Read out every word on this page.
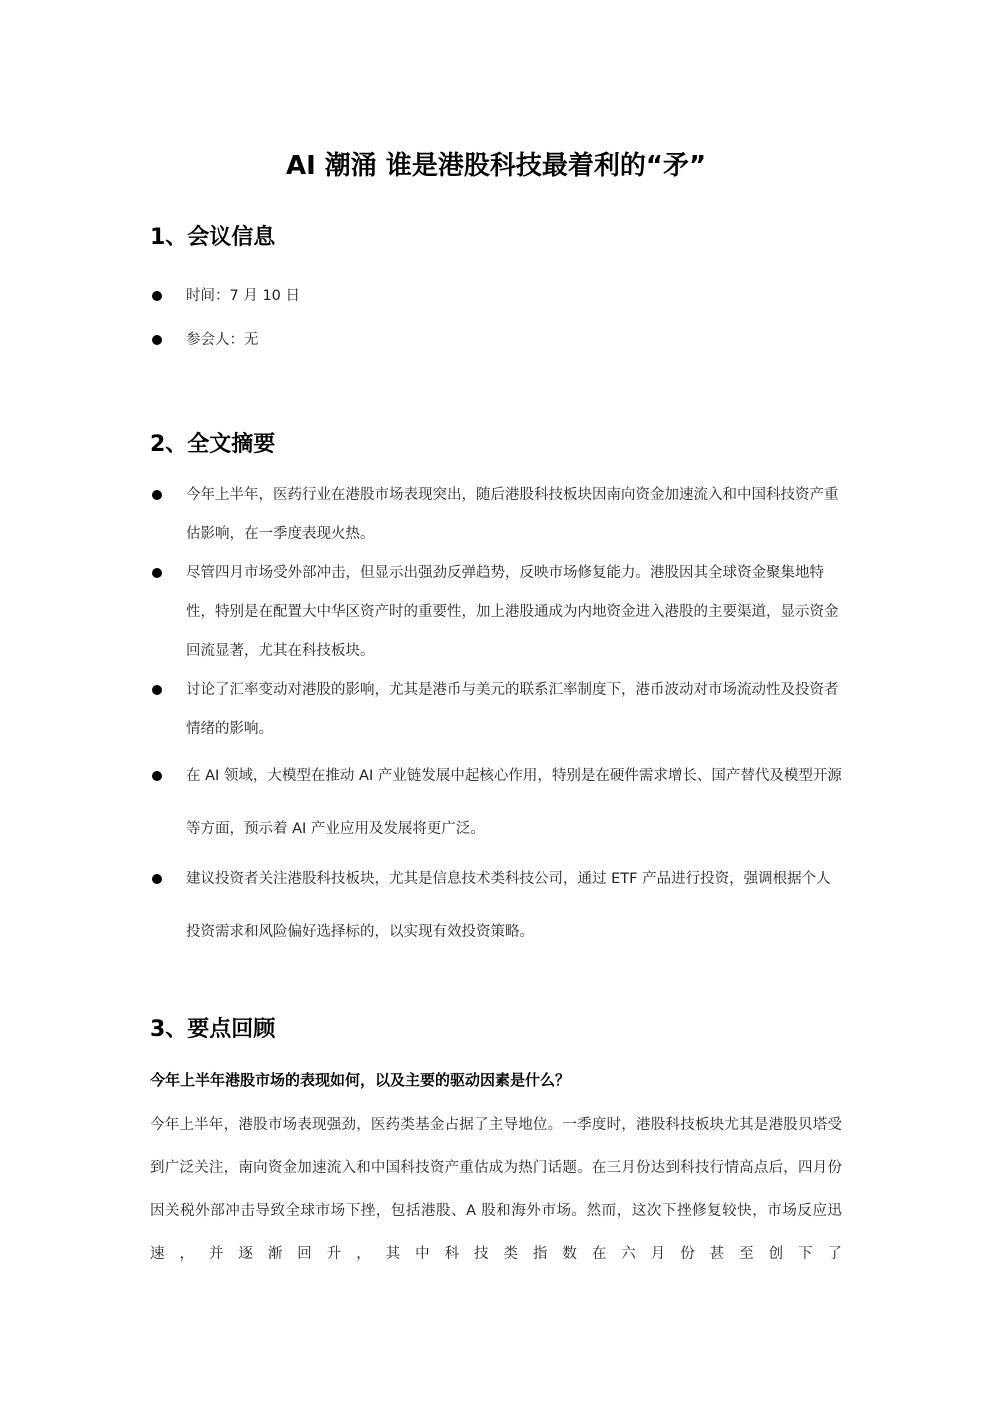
AI 潮涌 谁是港股科技最着利的“矛”
1、会议信息
时间：7 月 10 日
参会人：无
2、全文摘要
今年上半年，医药行业在港股市场表现突出，随后港股科技板块因南向资金加速流入和中国科技资产重估影响，在一季度表现火热。
尽管四月市场受外部冲击，但显示出强劲反弹趋势，反映市场修复能力。港股因其全球资金聚集地特性，特别是在配置大中华区资产时的重要性，加上港股通成为内地资金进入港股的主要渠道，显示资金回流显著，尤其在科技板块。
讨论了汇率变动对港股的影响，尤其是港币与美元的联系汇率制度下，港币波动对市场流动性及投资者情绪的影响。
在 AI 领域，大模型在推动 AI 产业链发展中起核心作用，特别是在硬件需求增长、国产替代及模型开源等方面，预示着 AI 产业应用及发展将更广泛。
建议投资者关注港股科技板块，尤其是信息技术类科技公司，通过 ETF 产品进行投资，强调根据个人投资需求和风险偏好选择标的，以实现有效投资策略。
3、要点回顾

今年上半年港股市场的表现如何，以及主要的驱动因素是什么？

今年上半年，港股市场表现强劲，医药类基金占据了主导地位。一季度时，港股科技板块尤其是港股贝塔受到广泛关注，南向资金加速流入和中国科技资产重估成为热门话题。在三月份达到科技行情高点后，四月份因关税外部冲击导致全球市场下挫，包括港股、A 股和海外市场。然而，这次下挫修复较快，市场反应迅速，并逐渐回升，其中科技类指数在六月份甚至创下了
